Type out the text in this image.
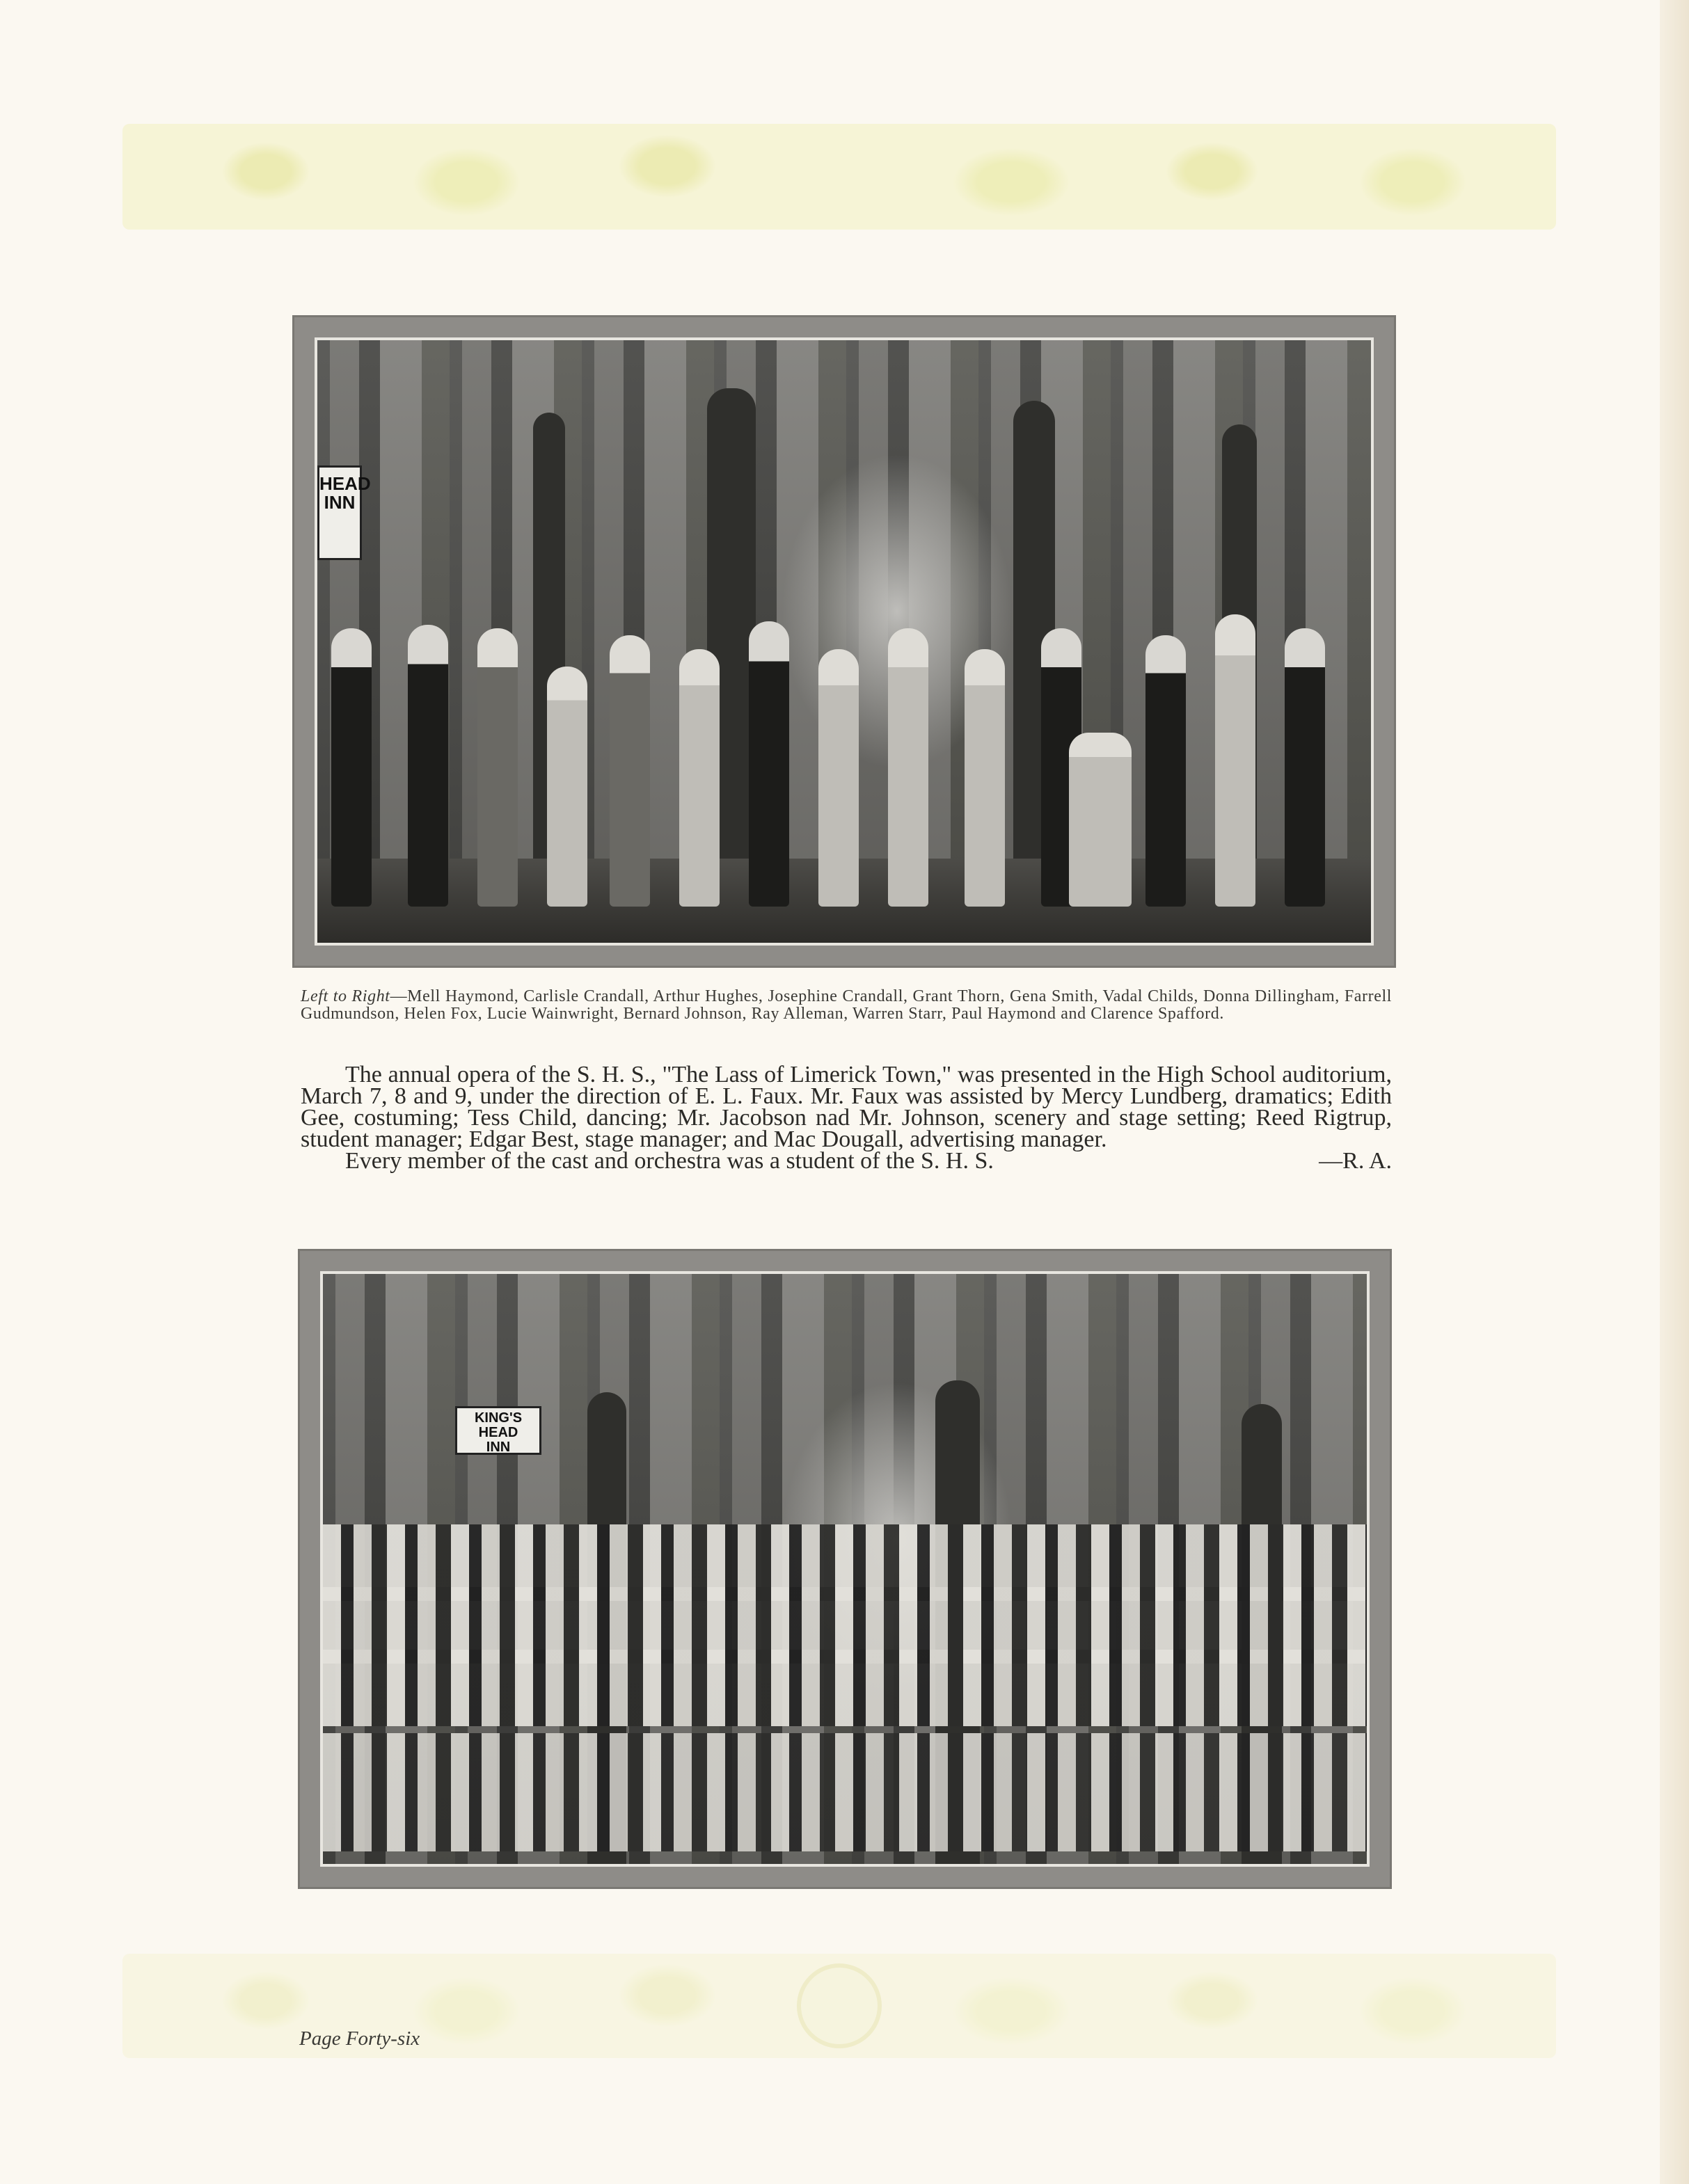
HEAD
INN
Left to Right—Mell Haymond, Carlisle Crandall, Arthur Hughes, Josephine Crandall, Grant Thorn, Gena Smith, Vadal Childs, Donna Dillingham, Farrell Gudmundson, Helen Fox, Lucie Wainwright, Bernard Johnson, Ray Alleman, Warren Starr, Paul Haymond and Clarence Spafford.

The annual opera of the S. H. S., "The Lass of Limerick Town," was presented in the High School auditorium, March 7, 8 and 9, under the direction of E. L. Faux. Mr. Faux was assisted by Mercy Lundberg, dramatics; Edith Gee, costuming; Tess Child, dancing; Mr. Jacobson nad Mr. Johnson, scenery and stage setting; Reed Rigtrup, student manager; Edgar Best, stage manager; and Mac Dougall, advertising manager.

Every member of the cast and orchestra was a student of the S. H. S.	—R. A.
KING'S HEAD
INN
Page Forty-six
